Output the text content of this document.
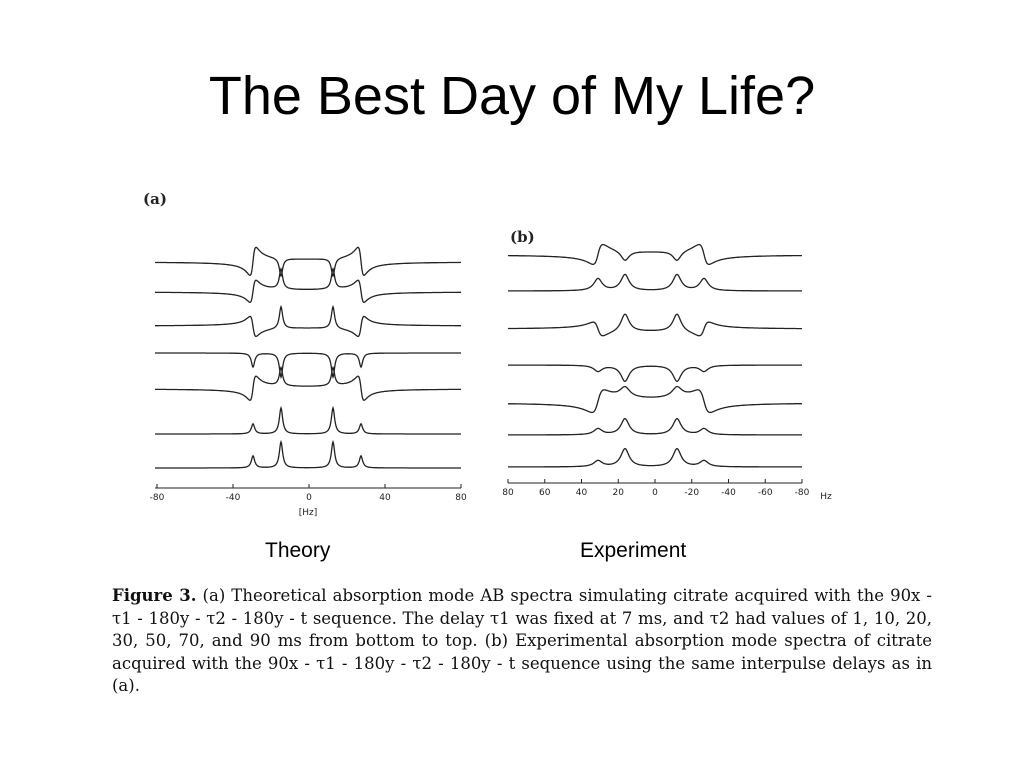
The Best Day of My Life?
(a)
(b)
-80	-40	0	40	80
[Hz]
80	60	40	20	0	-20 -40 -60 -80 Hz
Theory	Experiment
Figure 3. (a) Theoretical absorption mode AB spectra simulating citrate acquired with the 90x - τ1 - 180y - τ2 - 180y - t sequence. The delay τ1 was fixed at 7 ms, and τ2 had values of 1, 10, 20, 30, 50, 70, and 90 ms from bottom to top. (b) Experimental absorption mode spectra of citrate acquired with the 90x - τ1 - 180y - τ2 - 180y - t sequence using the same interpulse delays as in (a).
